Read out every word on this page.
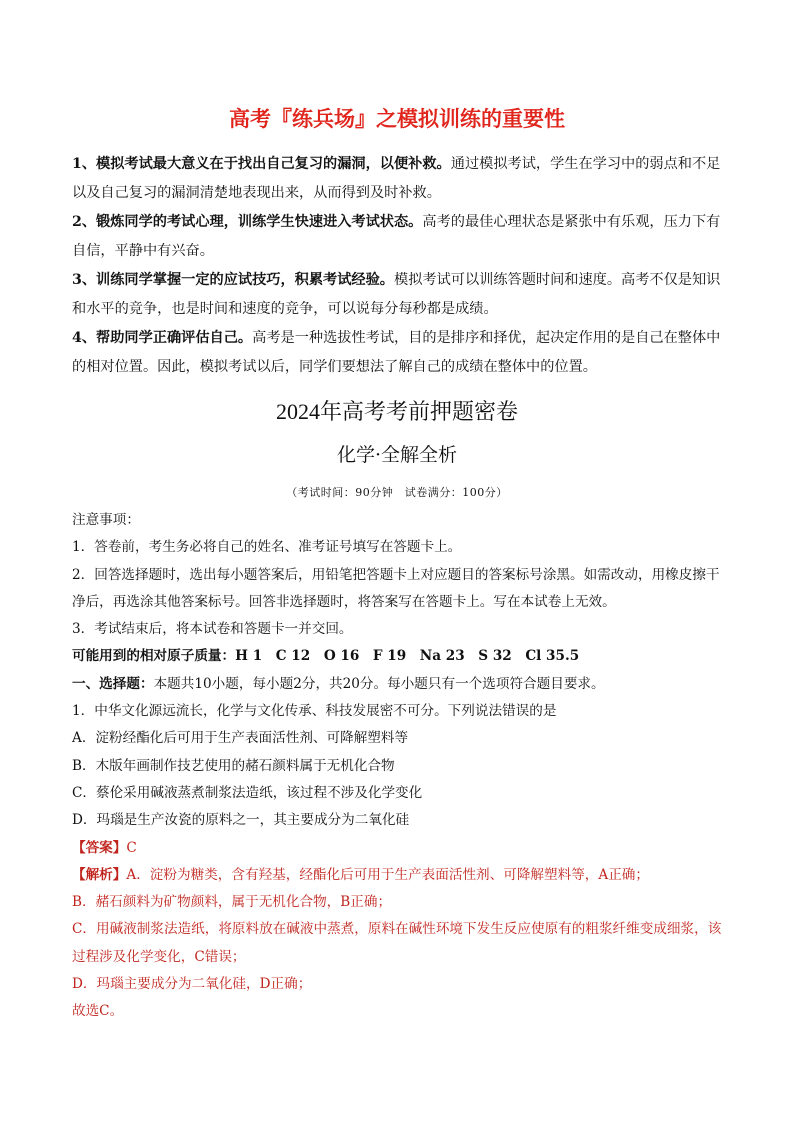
高考『练兵场』之模拟训练的重要性

1、模拟考试最大意义在于找出自己复习的漏洞，以便补救。通过模拟考试，学生在学习中的弱点和不足以及自己复习的漏洞清楚地表现出来，从而得到及时补救。

2、锻炼同学的考试心理，训练学生快速进入考试状态。高考的最佳心理状态是紧张中有乐观，压力下有自信，平静中有兴奋。

3、训练同学掌握一定的应试技巧，积累考试经验。模拟考试可以训练答题时间和速度。高考不仅是知识和水平的竞争，也是时间和速度的竞争，可以说每分每秒都是成绩。

4、帮助同学正确评估自己。高考是一种选拔性考试，目的是排序和择优，起决定作用的是自己在整体中的相对位置。因此，模拟考试以后，同学们要想法了解自己的成绩在整体中的位置。

2024年高考考前押题密卷
化学·全解全析
（考试时间：90分钟　试卷满分：100分）

注意事项：

1．答卷前，考生务必将自己的姓名、准考证号填写在答题卡上。

2．回答选择题时，选出每小题答案后，用铅笔把答题卡上对应题目的答案标号涂黑。如需改动，用橡皮擦干净后，再选涂其他答案标号。回答非选择题时，将答案写在答题卡上。写在本试卷上无效。

3．考试结束后，将本试卷和答题卡一并交回。

可能用到的相对原子质量：H 1　C 12　O 16　F 19　Na 23　S 32　Cl 35.5

一、选择题：本题共10小题，每小题2分，共20分。每小题只有一个选项符合题目要求。

1．中华文化源远流长，化学与文化传承、科技发展密不可分。下列说法错误的是

A．淀粉经酯化后可用于生产表面活性剂、可降解塑料等

B．木版年画制作技艺使用的赭石颜料属于无机化合物

C．蔡伦采用碱液蒸煮制浆法造纸，该过程不涉及化学变化

D．玛瑙是生产汝瓷的原料之一，其主要成分为二氧化硅

【答案】C

【解析】A．淀粉为糖类，含有羟基，经酯化后可用于生产表面活性剂、可降解塑料等，A正确；

B．赭石颜料为矿物颜料，属于无机化合物，B正确；

C．用碱液制浆法造纸，将原料放在碱液中蒸煮，原料在碱性环境下发生反应使原有的粗浆纤维变成细浆，该过程涉及化学变化，C错误；

D．玛瑙主要成分为二氧化硅，D正确；

故选C。
